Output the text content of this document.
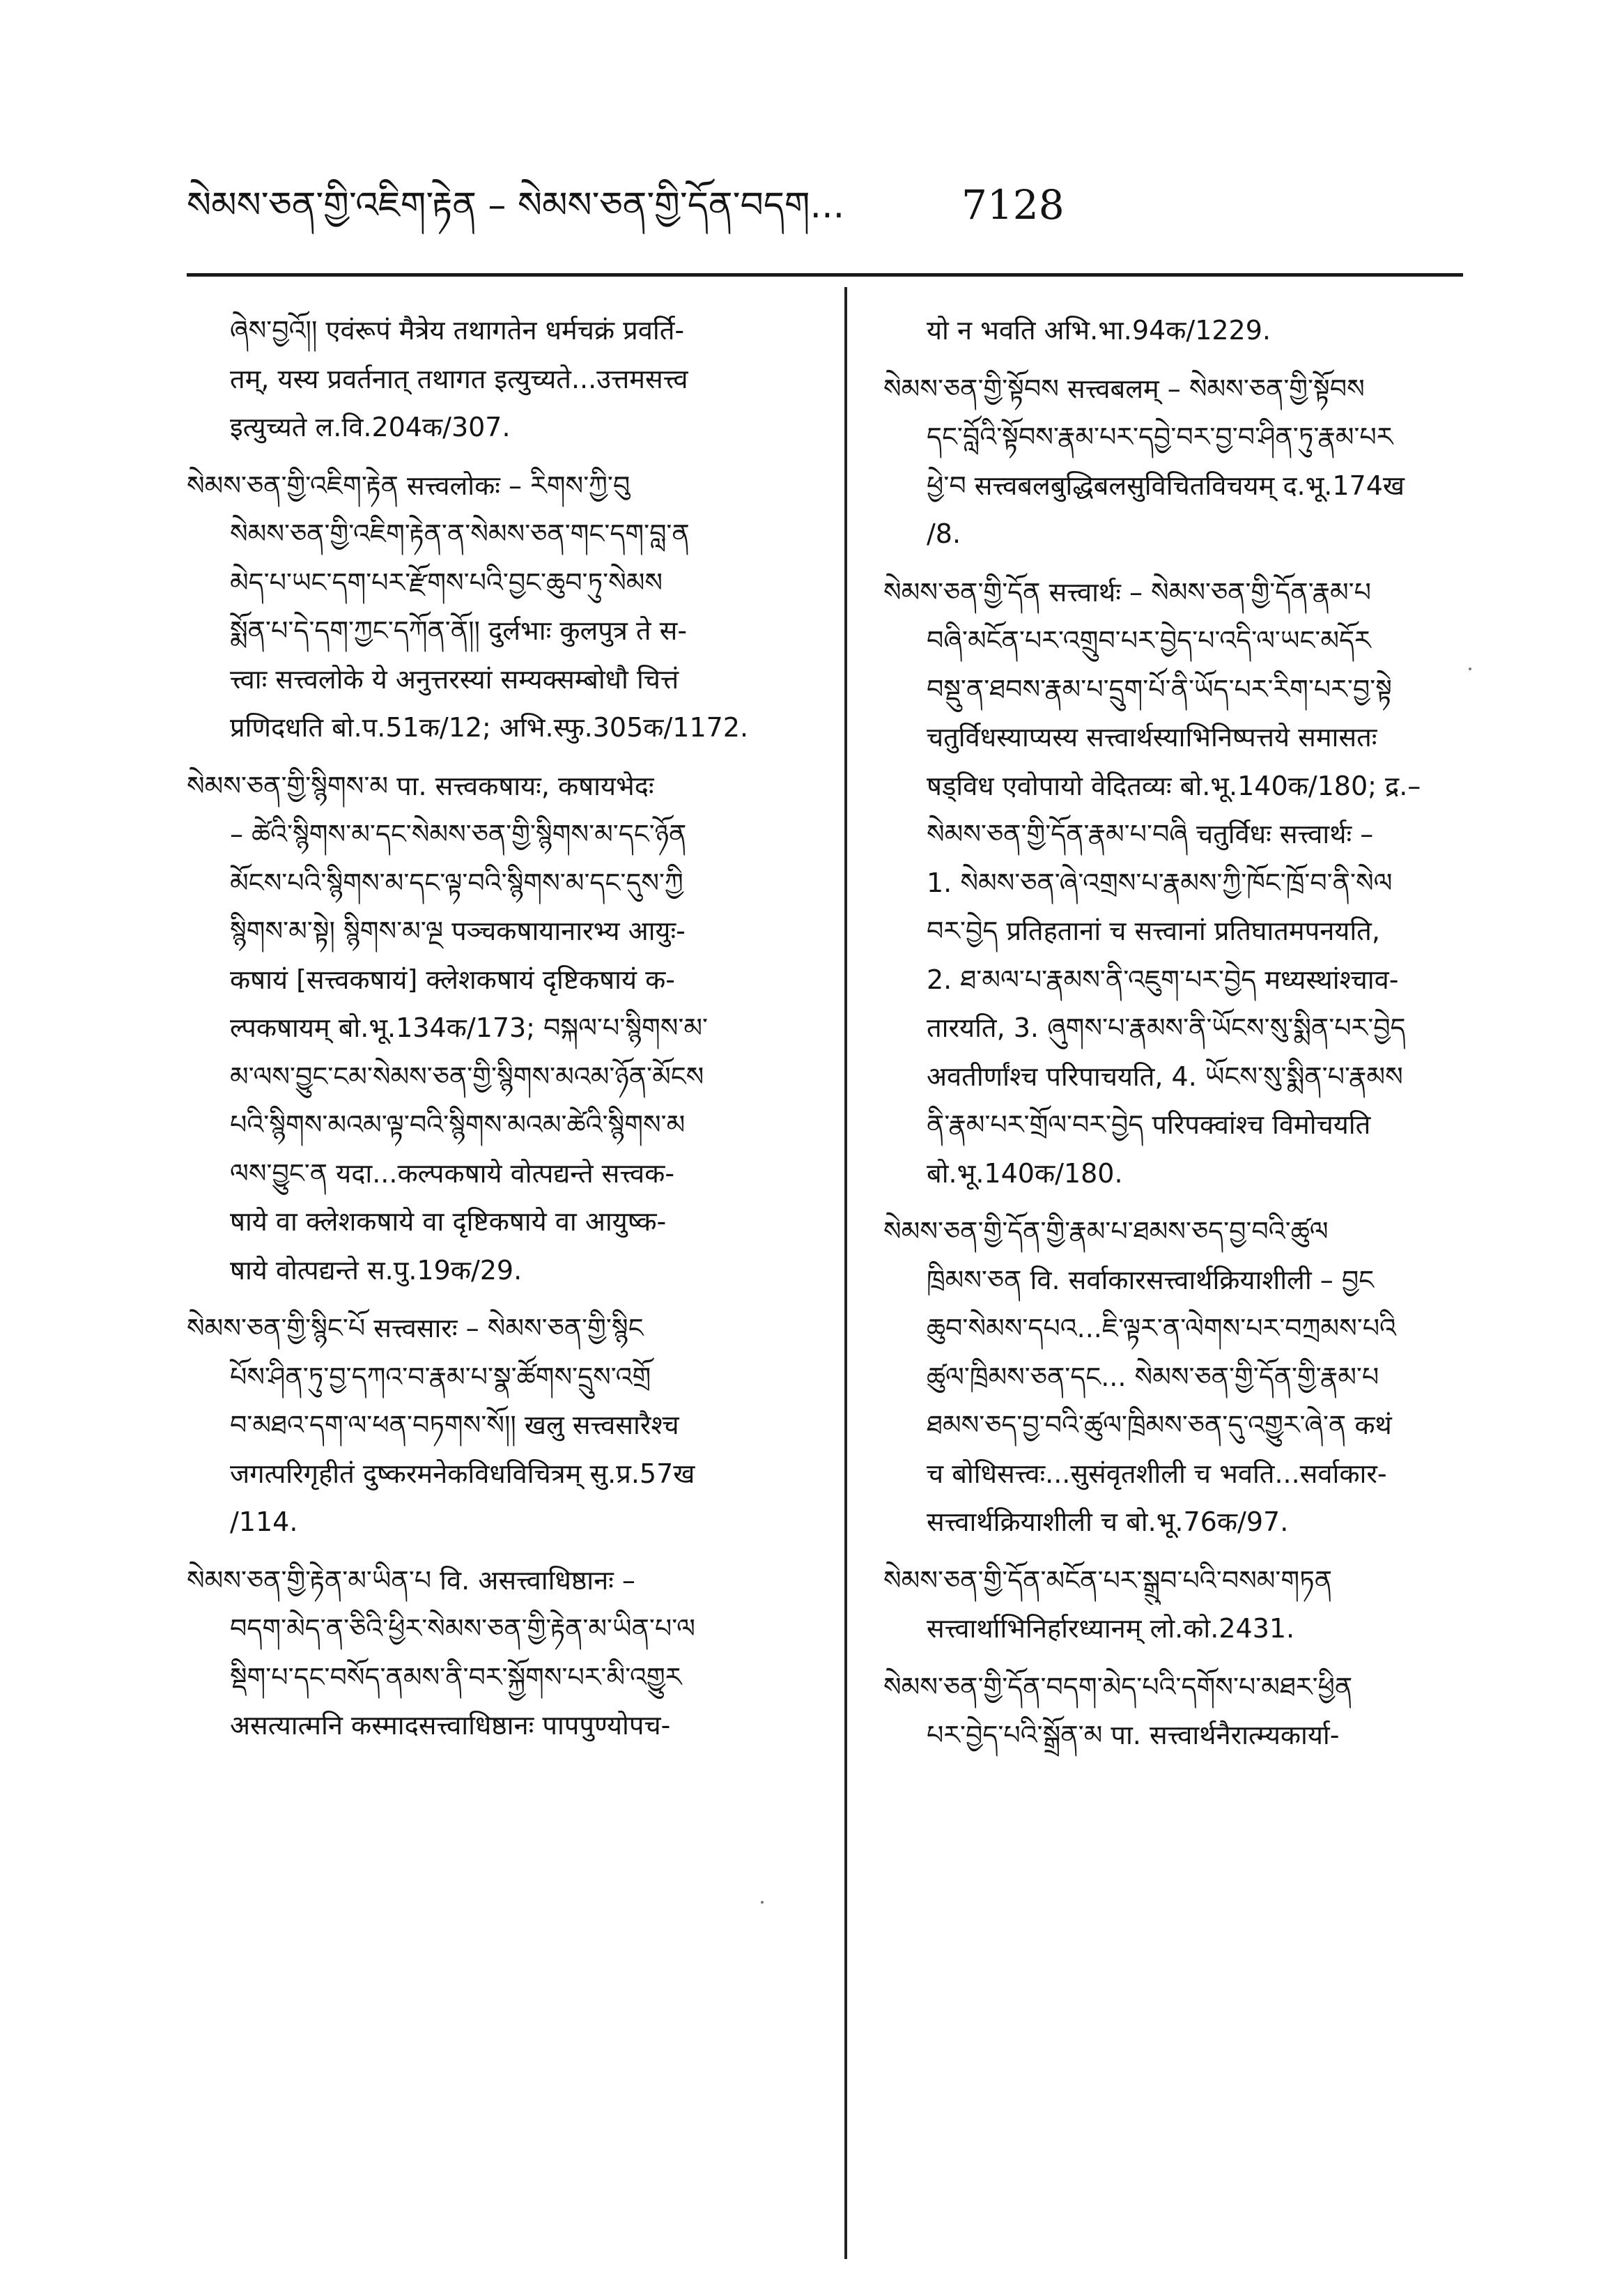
སེམས་ཅན་གྱི་འཇིག་རྟེན – སེམས་ཅན་གྱི་དོན་བདག...	7128
ཞེས་བྱའོ།། एवंरूपं मैत्रेय तथागतेन धर्मचक्रं प्रवर्ति-
तम्, यस्य प्रवर्तनात् तथागत इत्युच्यते...उत्तमसत्त्व
इत्युच्यते ल.वि.204क/307.
སེམས་ཅན་གྱི་འཇིག་རྟེན सत्त्वलोकः – རིགས་ཀྱི་བུ
སེམས་ཅན་གྱི་འཇིག་རྟེན་ན་སེམས་ཅན་གང་དག་བླ་ན
མེད་པ་ཡང་དག་པར་རྫོགས་པའི་བྱང་ཆུབ་ཏུ་སེམས
སྨོན་པ་དེ་དག་ཀྱང་དཀོན་ནོ།། दुर्लभाः कुलपुत्र ते स-
त्त्वाः सत्त्वलोके ये अनुत्तरस्यां सम्यक्सम्बोधौ चित्तं
प्रणिदधति बो.प.51क/12; अभि.स्फु.305क/1172.
སེམས་ཅན་གྱི་སྙིགས་མ पा. सत्त्वकषायः, कषायभेदः
– ཚེའི་སྙིགས་མ་དང་སེམས་ཅན་གྱི་སྙིགས་མ་དང་ཉོན
མོངས་པའི་སྙིགས་མ་དང་ལྟ་བའི་སྙིགས་མ་དང་དུས་ཀྱི
སྙིགས་མ་སྟེ། སྙིགས་མ་ལྔ पञ्चकषायानारभ्य आयुः-
कषायं [सत्त्वकषायं] क्लेशकषायं दृष्टिकषायं क-
ल्पकषायम् बो.भू.134क/173; བསྐལ་པ་སྙིགས་མ་
མ་ལས་བྱུང་ངམ་སེམས་ཅན་གྱི་སྙིགས་མའམ་ཉོན་མོངས
པའི་སྙིགས་མའམ་ལྟ་བའི་སྙིགས་མའམ་ཚེའི་སྙིགས་མ
ལས་བྱུང་ན यदा...कल्पकषाये वोत्पद्यन्ते सत्त्वक-
षाये वा क्लेशकषाये वा दृष्टिकषाये वा आयुष्क-
षाये वोत्पद्यन्ते स.पु.19क/29.
སེམས་ཅན་གྱི་སྙིང་པོ सत्त्वसारः – སེམས་ཅན་གྱི་སྙིང
པོས་ཤིན་ཏུ་བྱ་དཀའ་བ་རྣམ་པ་སྣ་ཚོགས་དྲུས་འགྲོ
བ་མཐའ་དག་ལ་ཕན་བཏགས་སོ།། खलु सत्त्वसारैश्च
जगत्परिगृहीतं दुष्करमनेकविधविचित्रम् सु.प्र.57ख
/114.
སེམས་ཅན་གྱི་རྟེན་མ་ཡིན་པ वि. असत्त्वाधिष्ठानः –
བདག་མེད་ན་ཅིའི་ཕྱིར་སེམས་ཅན་གྱི་རྟེན་མ་ཡིན་པ་ལ
སྡིག་པ་དང་བསོད་ནམས་ནི་བར་སྐྱོགས་པར་མི་འགྱུར
असत्यात्मनि कस्मादसत्त्वाधिष्ठानः पापपुण्योपच-
यो न भवति अभि.भा.94क/1229.
སེམས་ཅན་གྱི་སྟོབས सत्त्वबलम् – སེམས་ཅན་གྱི་སྟོབས
དང་བློའི་སྟོབས་རྣམ་པར་དབྱེ་བར་བྱ་བ་ཤིན་ཏུ་རྣམ་པར
ཕྱེ་བ सत्त्वबलबुद्धिबलसुविचितविचयम् द.भू.174ख
/8.
སེམས་ཅན་གྱི་དོན सत्त्वार्थः – སེམས་ཅན་གྱི་དོན་རྣམ་པ
བཞི་མངོན་པར་འགྲུབ་པར་བྱེད་པ་འདི་ལ་ཡང་མདོར
བསྡུ་ན་ཐབས་རྣམ་པ་དྲུག་པོ་ནི་ཡོད་པར་རིག་པར་བྱ་སྟེ
चतुर्विधस्याप्यस्य सत्त्वार्थस्याभिनिष्पत्तये समासतः
षड्विध एवोपायो वेदितव्यः बो.भू.140क/180; द्र.–
སེམས་ཅན་གྱི་དོན་རྣམ་པ་བཞི चतुर्विधः सत्त्वार्थः –
1. སེམས་ཅན་ཞེ་འགྲས་པ་རྣམས་ཀྱི་ཁོང་ཁྲོ་བ་ནི་སེལ
བར་བྱེད प्रतिहतानां च सत्त्वानां प्रतिघातमपनयति,
2. ཐ་མལ་པ་རྣམས་ནི་འཇུག་པར་བྱེད मध्यस्थांश्चाव-
तारयति, 3. ཞུགས་པ་རྣམས་ནི་ཡོངས་སུ་སྨིན་པར་བྱེད
अवतीर्णांश्च परिपाचयति, 4. ཡོངས་སུ་སྨིན་པ་རྣམས
ནི་རྣམ་པར་གྲོལ་བར་བྱེད परिपक्वांश्च विमोचयति
बो.भू.140क/180.
སེམས་ཅན་གྱི་དོན་གྱི་རྣམ་པ་ཐམས་ཅད་བྱ་བའི་ཚུལ
ཁྲིམས་ཅན वि. सर्वाकारसत्त्वार्थक्रियाशीली – བྱང
ཆུབ་སེམས་དཔའ...ཇི་ལྟར་ན་ལེགས་པར་བཀྲམས་པའི
ཚུལ་ཁྲིམས་ཅན་དང... སེམས་ཅན་གྱི་དོན་གྱི་རྣམ་པ
ཐམས་ཅད་བྱ་བའི་ཚུལ་ཁྲིམས་ཅན་དུ་འགྱུར་ཞེ་ན कथं
च बोधिसत्त्वः...सुसंवृतशीली च भवति...सर्वाकार-
सत्त्वार्थक्रियाशीली च बो.भू.76क/97.
སེམས་ཅན་གྱི་དོན་མངོན་པར་སྒྲུབ་པའི་བསམ་གཏན
सत्त्वार्थाभिनिर्हारध्यानम् लो.को.2431.
སེམས་ཅན་གྱི་དོན་བདག་མེད་པའི་དགོས་པ་མཐར་ཕྱིན
པར་བྱེད་པའི་སྒྲོན་མ पा. सत्त्वार्थनैरात्म्यकार्या-
